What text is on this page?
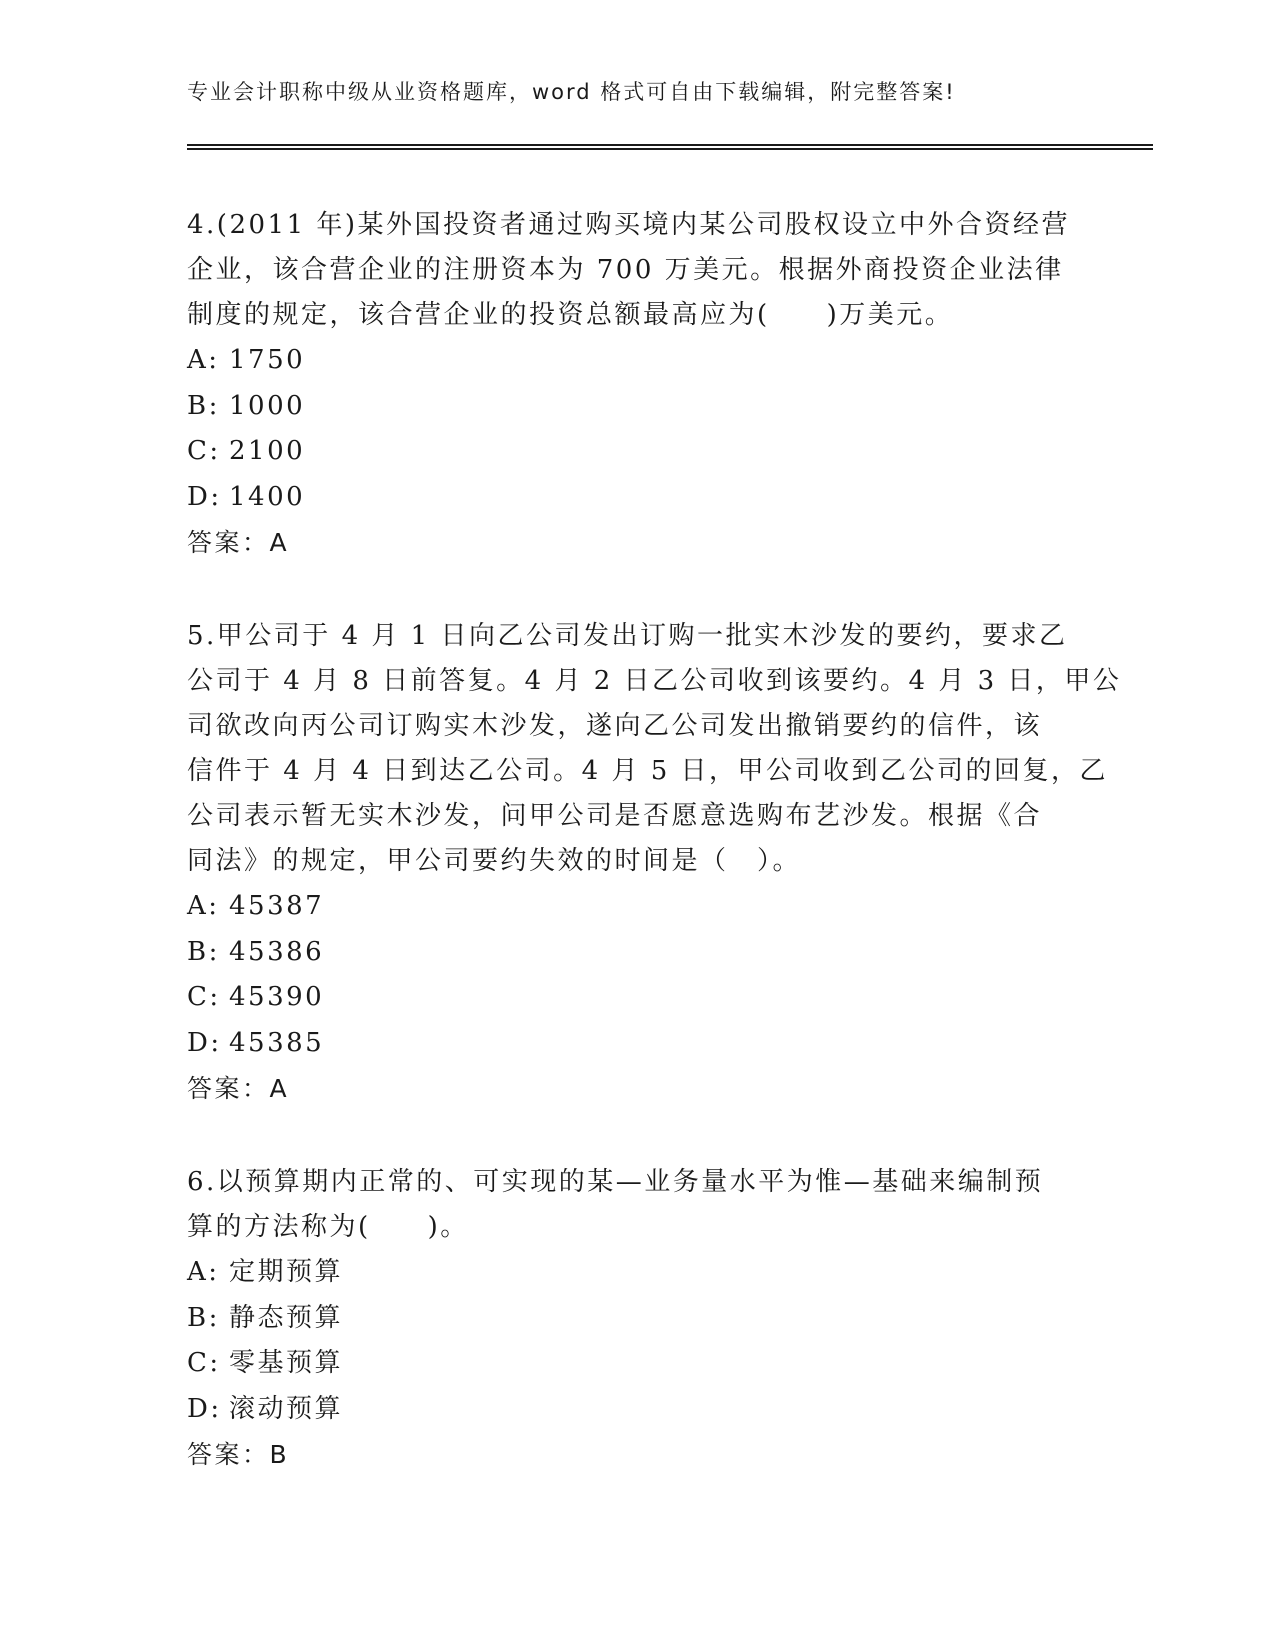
专业会计职称中级从业资格题库，word 格式可自由下载编辑，附完整答案!

4.(2011 年)某外国投资者通过购买境内某公司股权设立中外合资经营
企业，该合营企业的注册资本为 700 万美元。根据外商投资企业法律
制度的规定，该合营企业的投资总额最高应为(　　)万美元。

A: 1750
B: 1000
C: 2100
D: 1400
答案：A

5.甲公司于 4 月 1 日向乙公司发出订购一批实木沙发的要约，要求乙
公司于 4 月 8 日前答复。4 月 2 日乙公司收到该要约。4 月 3 日，甲公
司欲改向丙公司订购实木沙发，遂向乙公司发出撤销要约的信件，该
信件于 4 月 4 日到达乙公司。4 月 5 日，甲公司收到乙公司的回复，乙
公司表示暂无实木沙发，问甲公司是否愿意选购布艺沙发。根据《合
同法》的规定，甲公司要约失效的时间是（　）。

A: 45387
B: 45386
C: 45390
D: 45385
答案：A

6.以预算期内正常的、可实现的某—业务量水平为惟—基础来编制预
算的方法称为(　　)。

A: 定期预算
B: 静态预算
C: 零基预算
D: 滚动预算
答案：B
